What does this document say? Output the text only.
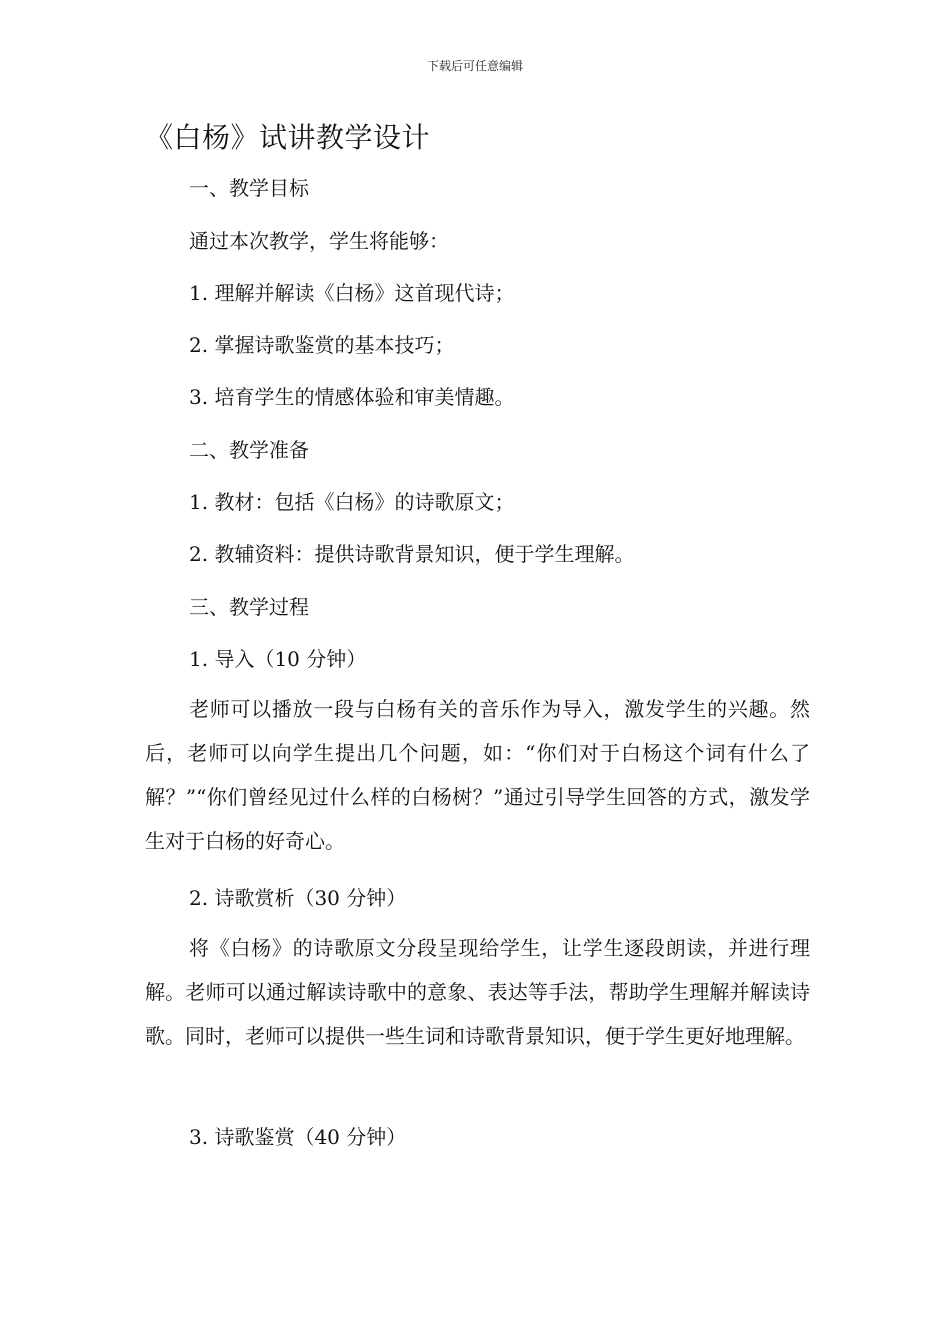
下载后可任意编辑
《白杨》试讲教学设计

一、教学目标

通过本次教学，学生将能够：

1. 理解并解读《白杨》这首现代诗；

2. 掌握诗歌鉴赏的基本技巧；

3. 培育学生的情感体验和审美情趣。

二、教学准备

1. 教材：包括《白杨》的诗歌原文；

2. 教辅资料：提供诗歌背景知识，便于学生理解。

三、教学过程

1. 导入（10 分钟）

老师可以播放一段与白杨有关的音乐作为导入，激发学生的兴趣。然后，老师可以向学生提出几个问题，如：“你们对于白杨这个词有什么了解？”“你们曾经见过什么样的白杨树？”通过引导学生回答的方式，激发学生对于白杨的好奇心。

2. 诗歌赏析（30 分钟）

将《白杨》的诗歌原文分段呈现给学生，让学生逐段朗读，并进行理解。老师可以通过解读诗歌中的意象、表达等手法，帮助学生理解并解读诗歌。同时，老师可以提供一些生词和诗歌背景知识，便于学生更好地理解。

3. 诗歌鉴赏（40 分钟）
